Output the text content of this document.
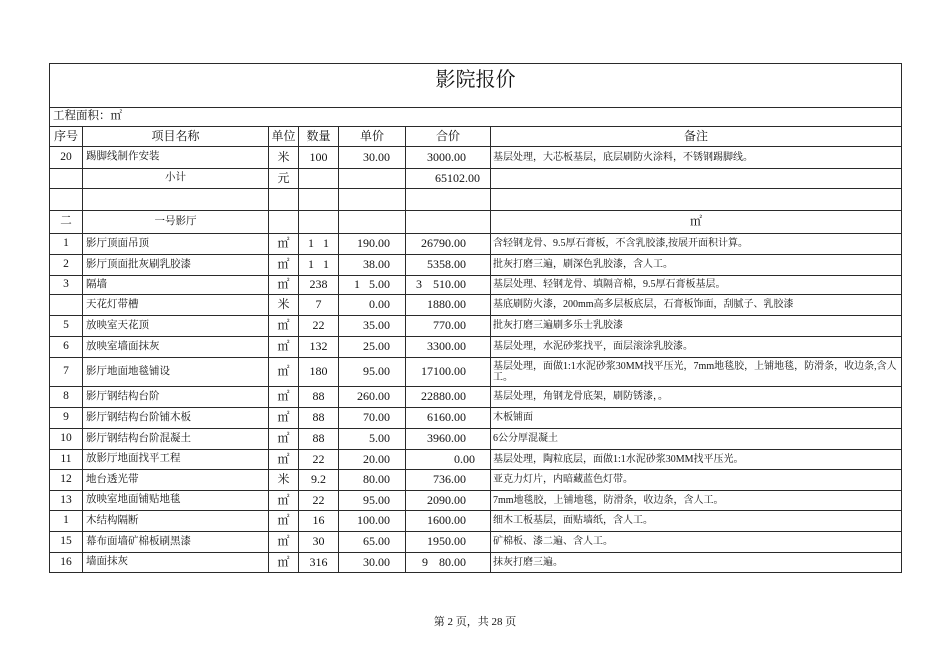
影院报价						
工程面积：㎡						
序号	项目名称	单位	数量	单价	合价	备注
20	踢脚线制作安装	米	100	30.00	3000.00	基层处理，大芯板基层，底层刷防火涂料，不锈钢踢脚线。
	小计	元			65102.00	

二	一号影厅					㎡
1	影厅顶面吊顶	㎡	1 1	190.00	26790.00	含轻钢龙骨、9.5厚石膏板，不含乳胶漆,按展开面积计算。
2	影厅顶面批灰刷乳胶漆	㎡	1 1	38.00	5358.00	批灰打磨三遍，刷深色乳胶漆，含人工。
3	隔墙	㎡	238	1 5.00	3 510.00	基层处理、轻钢龙骨、填隔音棉，9.5厚石膏板基层。
	天花灯带槽	米	7	0.00	1880.00	基底刷防火漆，200mm高多层板底层，石膏板饰面，刮腻子、乳胶漆
5	放映室天花顶	㎡	22	35.00	770.00	批灰打磨三遍刷多乐士乳胶漆
6	放映室墙面抹灰	㎡	132	25.00	3300.00	基层处理，水泥砂浆找平，面层滚涂乳胶漆。
7	影厅地面地毯铺设	㎡	180	95.00	17100.00	基层处理，面做1:1水泥砂浆30MM找平压光，7mm地毯胶，上铺地毯，防滑条，收边条,含人工。
8	影厅钢结构台阶	㎡	88	260.00	22880.00	基层处理，角钢龙骨底架，刷防锈漆，。
9	影厅钢结构台阶铺木板	㎡	88	70.00	6160.00	木板铺面
10	影厅钢结构台阶混凝土	㎡	88	5.00	3960.00	6公分厚混凝土
11	放影厅地面找平工程	㎡	22	20.00	0.00	基层处理，陶粒底层，面做1:1水泥砂浆30MM找平压光。
12	地台透光带	米	9.2	80.00	736.00	亚克力灯片，内暗藏蓝色灯带。
13	放映室地面铺贴地毯	㎡	22	95.00	2090.00	7mm地毯胶，上铺地毯，防滑条，收边条，含人工。
1	木结构隔断	㎡	16	100.00	1600.00	细木工板基层，面贴墙纸，含人工。
15	幕布面墙矿棉板刷黑漆	㎡	30	65.00	1950.00	矿棉板、漆二遍、含人工。
16	墙面抹灰	㎡	316	30.00	9 80.00	抹灰打磨三遍。
第 2 页，共 28 页
